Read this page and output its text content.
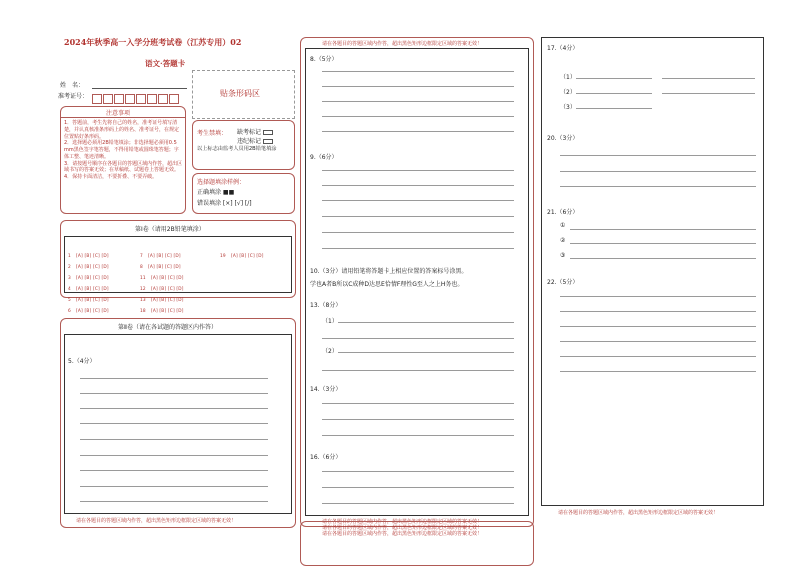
2024年秋季高一入学分班考试卷（江苏专用）02
语文·答题卡
姓　名：
准考证号：	贴条形码区
注意事项
1．答题前，考生先将自己的姓名，准考证号填写清楚，并认真核准条形码上的姓名、准考证号，在规定位置贴好条形码。
2．选择题必须用2B铅笔填涂；非选择题必须用0.5 mm黑色签字笔答题，不得用铅笔或圆珠笔答题；字体工整、笔迹清晰。
3．请按题号顺序在各题目的答题区域内作答，超出区域书写的答案无效；在草稿纸、试题卷上答题无效。
4．保持卡面清洁，不要折叠、不要弄破。
考生禁填： 缺考标记
违纪标记
以上标志由监考人员用2B铅笔填涂
选择题填涂样例：
正确填涂 ■■
错误填涂 [×] [√] [/]
第Ⅰ卷（请用2B铅笔填涂）
1 [A] [B] [C] [D]
2 [A] [B] [C] [D]
3 [A] [B] [C] [D]
4 [A] [B] [C] [D]
5 [A] [B] [C] [D]
6 [A] [B] [C] [D]
7 [A] [B] [C] [D]
8 [A] [B] [C] [D]
11 [A] [B] [C] [D]
12 [A] [B] [C] [D]
13 [A] [B] [C] [D]
18 [A] [B] [C] [D]
19 [A] [B] [C] [D]
第Ⅱ卷（请在各试题的答题区内作答）
5.（4分）
请在各题目的答题区域内作答，超出黑色矩形边框限定区域的答案无效！
请在各题目的答题区域内作答，超出黑色矩形边框限定区域的答案无效！
8.（5分）
9.（6分）
10.（3分）请用铅笔将答题卡上相应位置的答案标号涂黑。
学也A者B所以C成种D达思E恰情F理性G至人之上H务也。
13.（8分）
（1）
（2）
14.（3分）
16.（6分）
请在各题目的答题区域内作答，超出黑色矩形边框限定区域的答案无效！
请在各题目的答题区域内作答，超出黑色矩形边框限定区域的答案无效！
请在各题目的答题区域内作答，超出黑色矩形边框限定区域的答案无效！
17.（4分）
（1）
（2）
（3）
20.（3分）
21.（6分）
①
②
③
22.（5分）
请在各题目的答题区域内作答，超出黑色矩形边框限定区域的答案无效！
